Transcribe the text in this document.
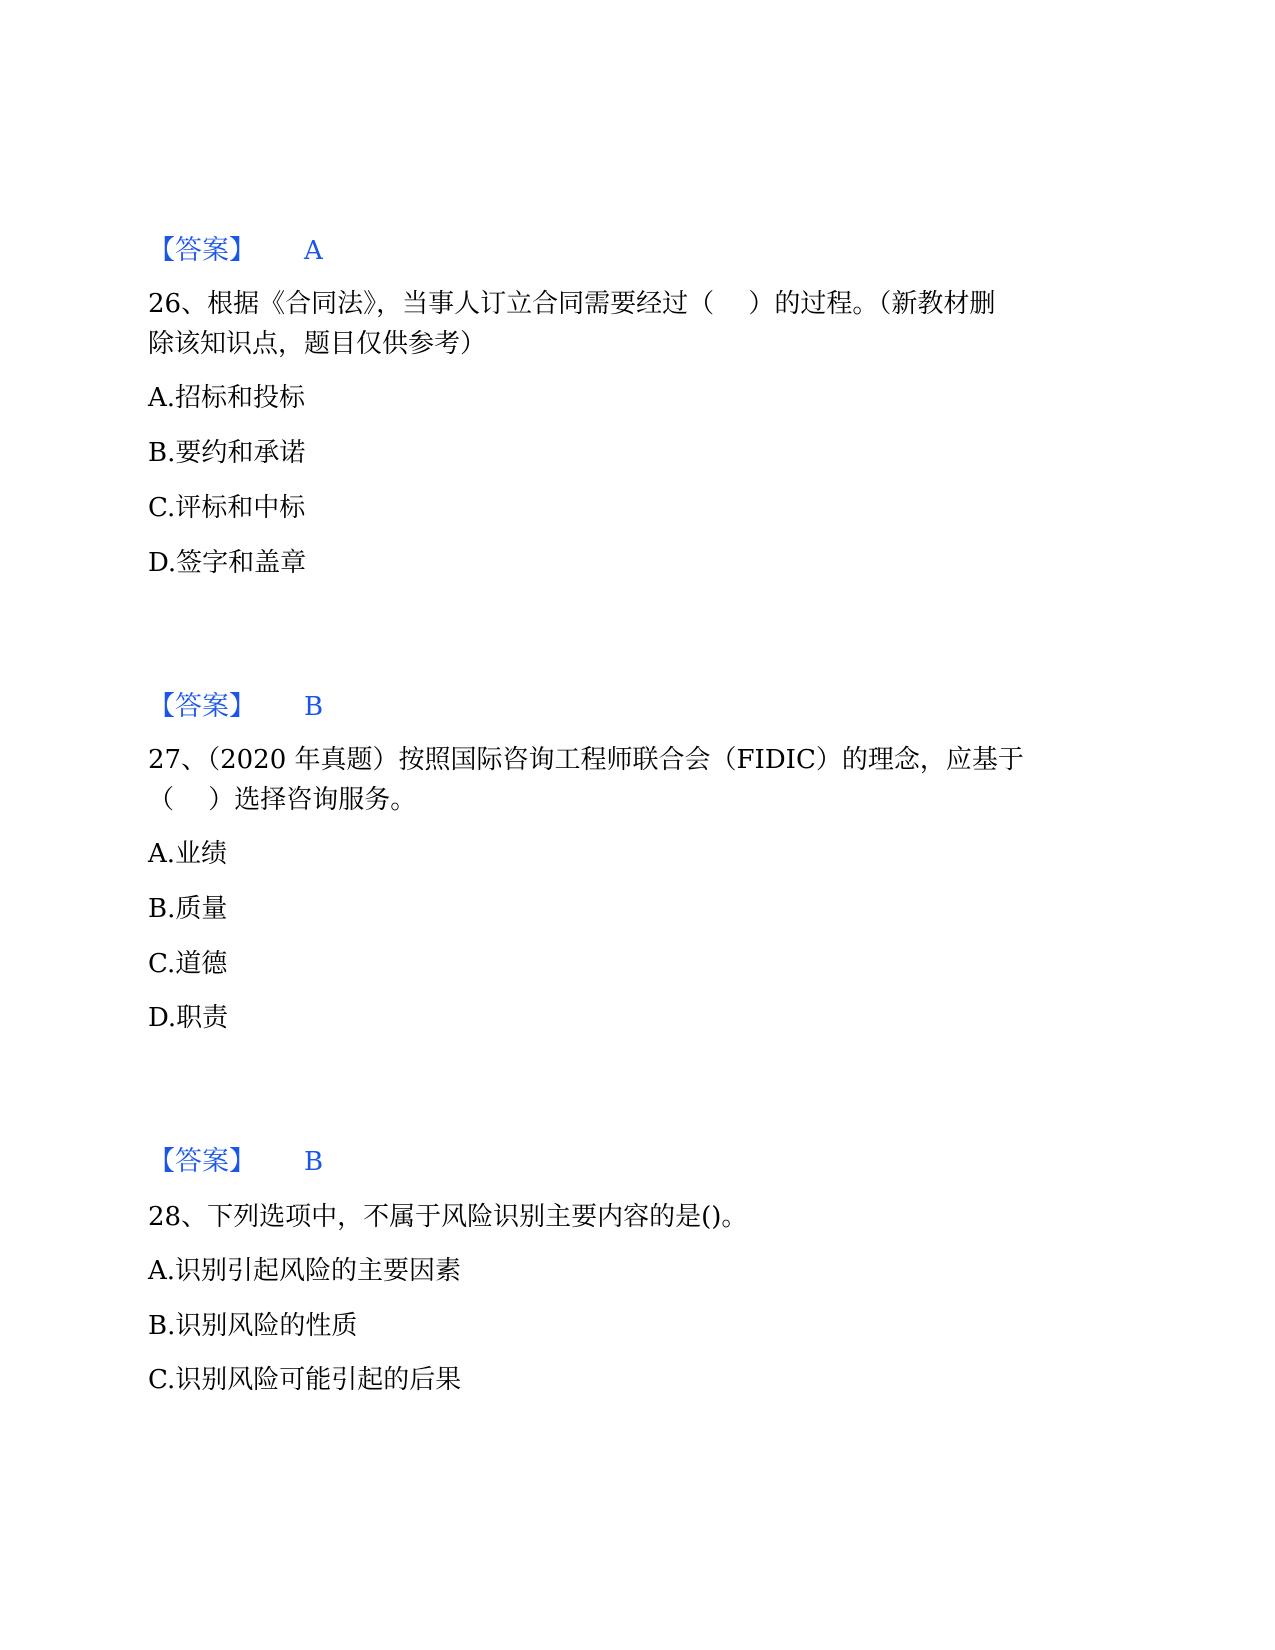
【答案】 A
26、根据《合同法》，当事人订立合同需要经过（　 ）的过程。（新教材删
除该知识点，题目仅供参考）
A.招标和投标
B.要约和承诺
C.评标和中标
D.签字和盖章
【答案】 B
27、（2020 年真题）按照国际咨询工程师联合会（FIDIC）的理念，应基于
（　 ）选择咨询服务。
A.业绩
B.质量
C.道德
D.职责
【答案】 B
28、下列选项中，不属于风险识别主要内容的是()。
A.识别引起风险的主要因素
B.识别风险的性质
C.识别风险可能引起的后果
